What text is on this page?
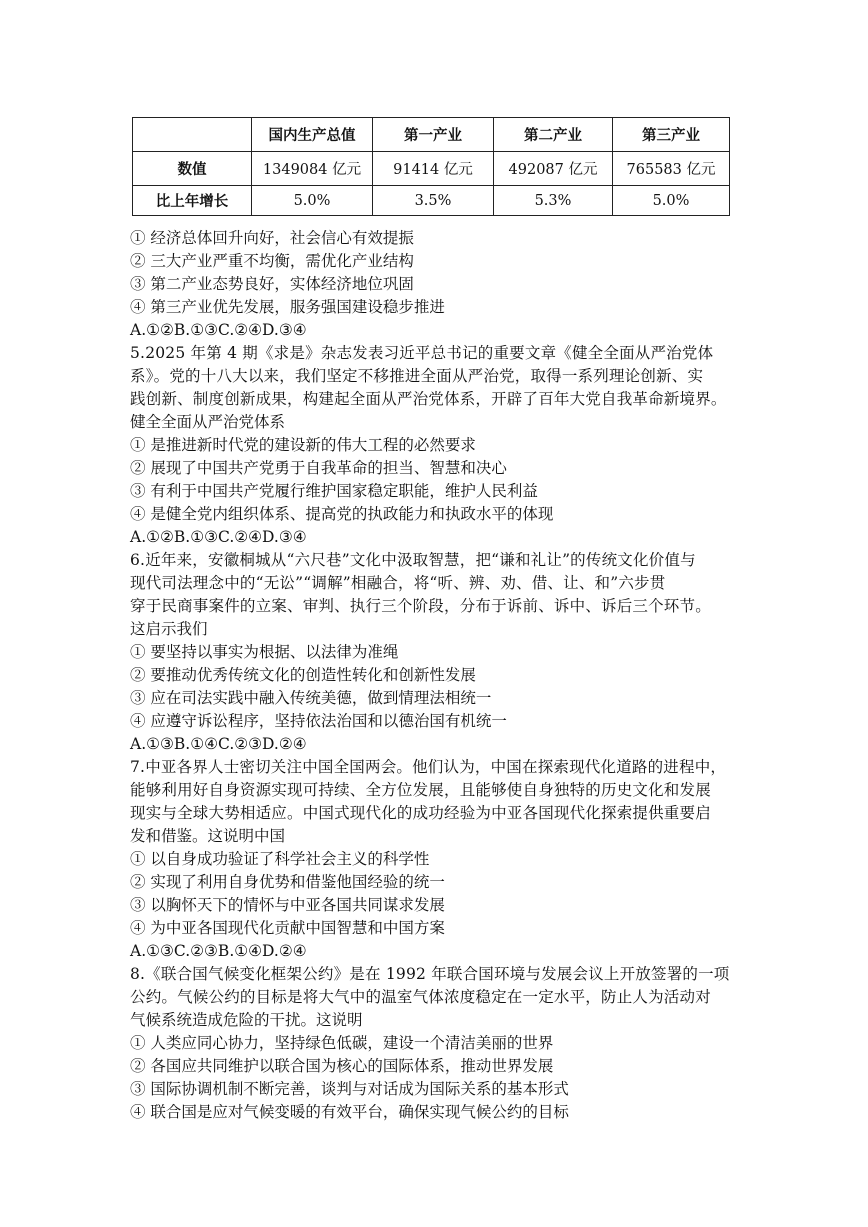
	国内生产总值	第一产业	第二产业	第三产业
数值	1349084 亿元	91414 亿元	492087 亿元	765583 亿元
比上年增长	5.0%	3.5%	5.3%	5.0%
① 经济总体回升向好，社会信心有效提振
② 三大产业严重不均衡，需优化产业结构
③ 第二产业态势良好，实体经济地位巩固
④ 第三产业优先发展，服务强国建设稳步推进
A.①②B.①③C.②④D.③④
5.2025 年第 4 期《求是》杂志发表习近平总书记的重要文章《健全全面从严治党体
系》。党的十八大以来，我们坚定不移推进全面从严治党，取得一系列理论创新、实
践创新、制度创新成果，构建起全面从严治党体系，开辟了百年大党自我革命新境界。
健全全面从严治党体系
① 是推进新时代党的建设新的伟大工程的必然要求
② 展现了中国共产党勇于自我革命的担当、智慧和决心
③ 有利于中国共产党履行维护国家稳定职能，维护人民利益
④ 是健全党内组织体系、提高党的执政能力和执政水平的体现
A.①②B.①③C.②④D.③④
6.近年来，安徽桐城从“六尺巷”文化中汲取智慧，把“谦和礼让”的传统文化价值与
现代司法理念中的“无讼”“调解”相融合，将“听、辨、劝、借、让、和”六步贯
穿于民商事案件的立案、审判、执行三个阶段，分布于诉前、诉中、诉后三个环节。
这启示我们
① 要坚持以事实为根据、以法律为准绳
② 要推动优秀传统文化的创造性转化和创新性发展
③ 应在司法实践中融入传统美德，做到情理法相统一
④ 应遵守诉讼程序，坚持依法治国和以德治国有机统一
A.①③B.①④C.②③D.②④
7.中亚各界人士密切关注中国全国两会。他们认为，中国在探索现代化道路的进程中，
能够利用好自身资源实现可持续、全方位发展，且能够使自身独特的历史文化和发展
现实与全球大势相适应。中国式现代化的成功经验为中亚各国现代化探索提供重要启
发和借鉴。这说明中国
① 以自身成功验证了科学社会主义的科学性
② 实现了利用自身优势和借鉴他国经验的统一
③ 以胸怀天下的情怀与中亚各国共同谋求发展
④ 为中亚各国现代化贡献中国智慧和中国方案
A.①③C.②③B.①④D.②④
8.《联合国气候变化框架公约》是在 1992 年联合国环境与发展会议上开放签署的一项
公约。气候公约的目标是将大气中的温室气体浓度稳定在一定水平，防止人为活动对
气候系统造成危险的干扰。这说明
① 人类应同心协力，坚持绿色低碳，建设一个清洁美丽的世界
② 各国应共同维护以联合国为核心的国际体系，推动世界发展
③ 国际协调机制不断完善，谈判与对话成为国际关系的基本形式
④ 联合国是应对气候变暖的有效平台，确保实现气候公约的目标
